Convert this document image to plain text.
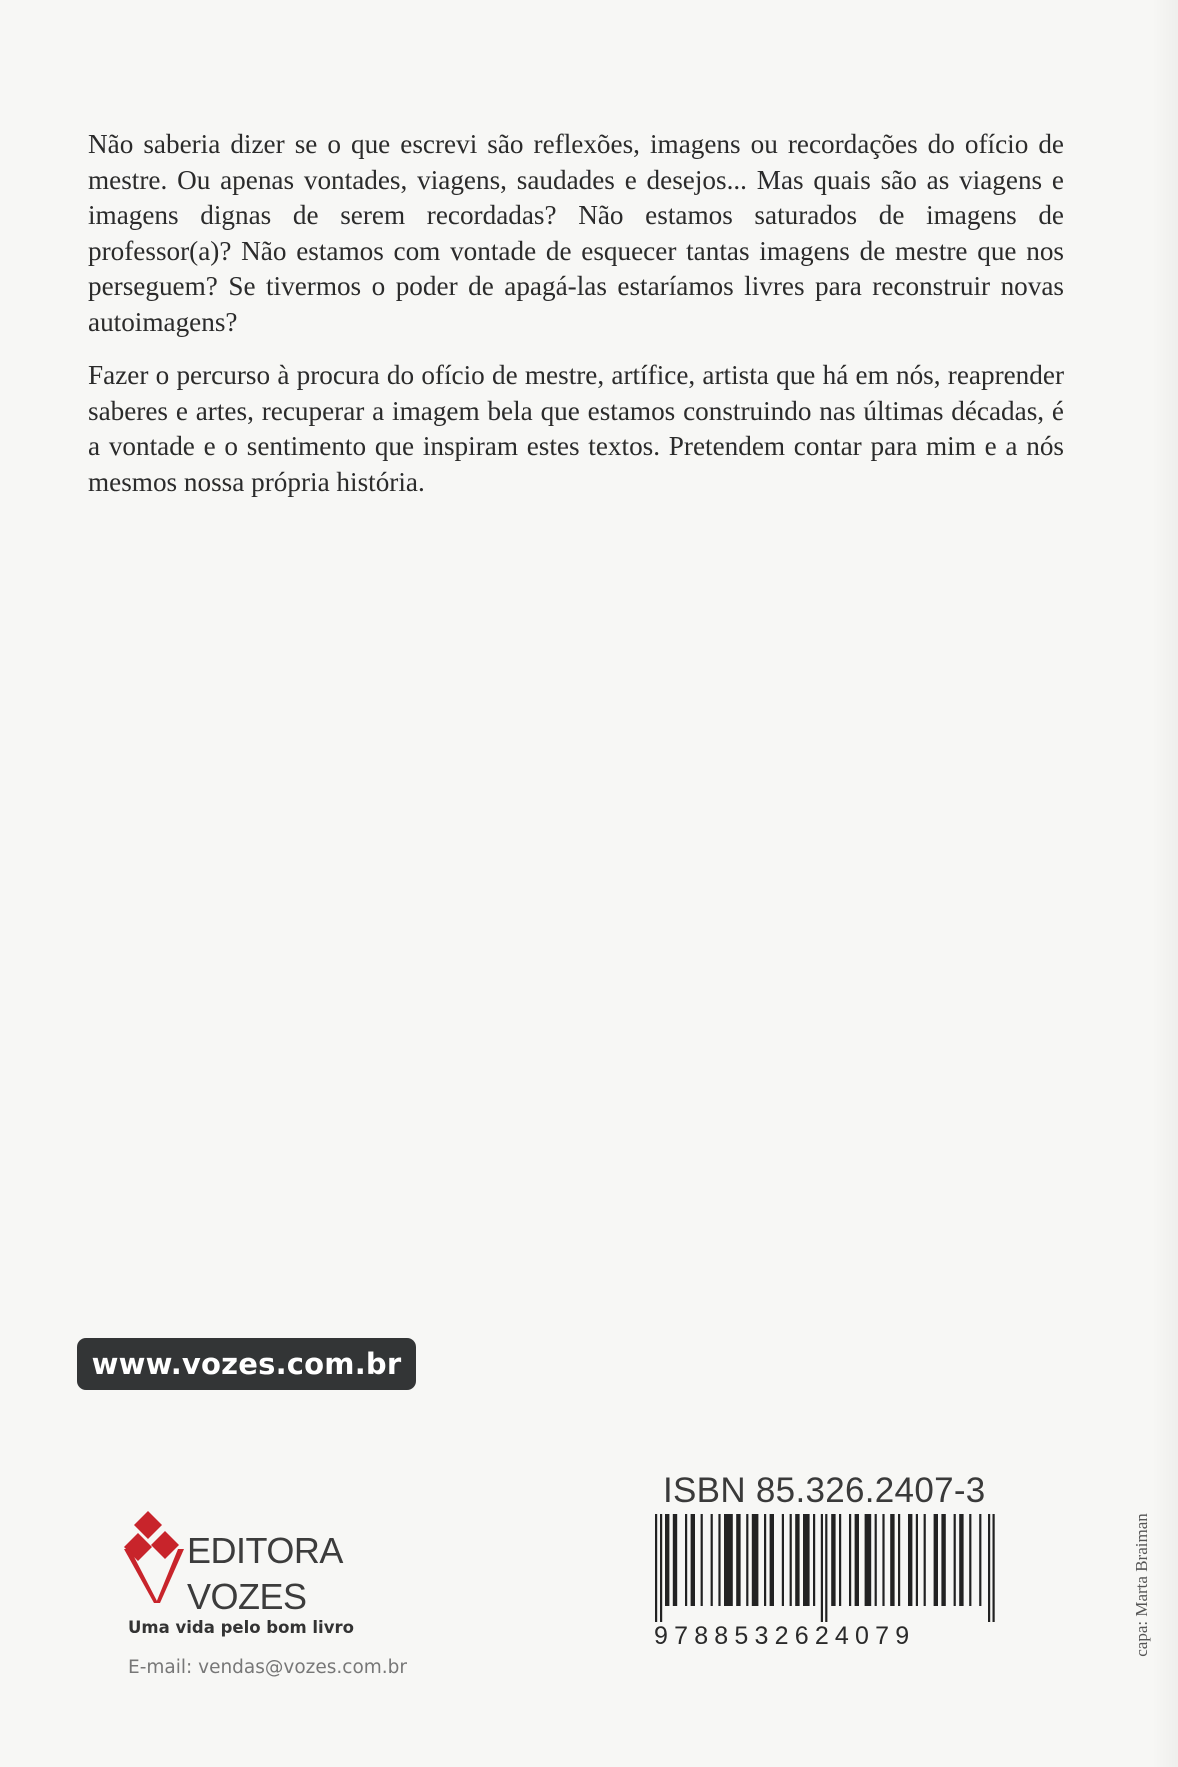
Não saberia dizer se o que escrevi são reflexões, imagens ou recordações do ofício de mestre. Ou apenas vontades, viagens, saudades e desejos... Mas quais são as viagens e imagens dignas de serem recordadas? Não estamos saturados de imagens de professor(a)? Não estamos com vontade de esquecer tantas imagens de mestre que nos perseguem? Se tivermos o poder de apagá-las estaríamos livres para reconstruir novas autoimagens?

Fazer o percurso à procura do ofício de mestre, artífice, artista que há em nós, reaprender saberes e artes, recuperar a imagem bela que estamos construindo nas últimas décadas, é a vontade e o sentimento que inspiram estes textos. Pretendem contar para mim e a nós mesmos nossa própria história.

www.vozes.com.br
EDITORA
VOZES
Uma vida pelo bom livro
E-mail: vendas@vozes.com.br
ISBN 85.326.2407-3
9788532624079	capa: Marta Braiman
